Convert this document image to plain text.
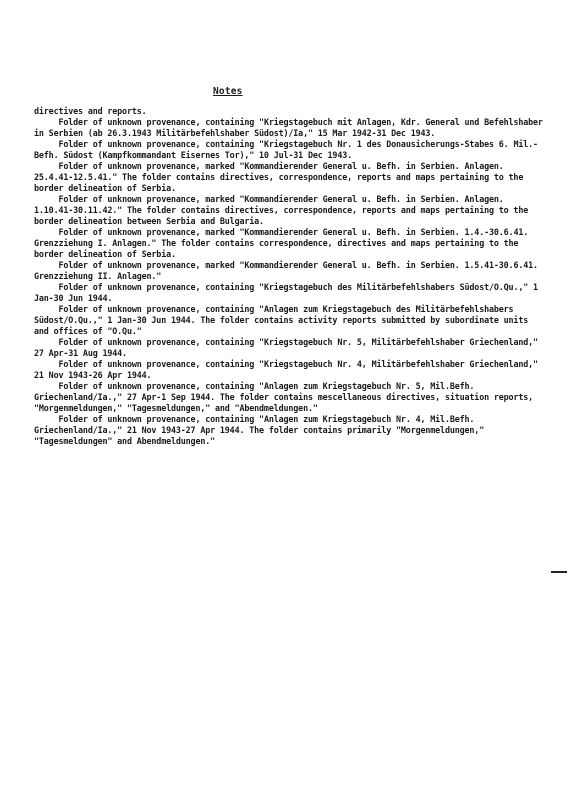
Notes

directives and reports.

Folder of unknown provenance, containing "Kriegstagebuch mit Anlagen, Kdr. General und Befehlshaber in Serbien (ab 26.3.1943 Militärbefehlshaber Südost)/Ia," 15 Mar 1942-31 Dec 1943.

Folder of unknown provenance, containing "Kriegstagebuch Nr. 1 des Donausicherungs-Stabes 6. Mil.-Befh. Südost (Kampfkommandant Eisernes Tor)," 10 Jul-31 Dec 1943.

Folder of unknown provenance, marked "Kommandierender General u. Befh. in Serbien. Anlagen. 25.4.41-12.5.41." The folder contains directives, correspondence, reports and maps pertaining to the border delineation of Serbia.

Folder of unknown provenance, marked "Kommandierender General u. Befh. in Serbien. Anlagen. 1.10.41-30.11.42." The folder contains directives, correspondence, reports and maps pertaining to the border delineation between Serbia and Bulgaria.

Folder of unknown provenance, marked "Kommandierender General u. Befh. in Serbien. 1.4.-30.6.41. Grenzziehung I. Anlagen." The folder contains correspondence, directives and maps pertaining to the border delineation of Serbia.

Folder of unknown provenance, marked "Kommandierender General u. Befh. in Serbien. 1.5.41-30.6.41. Grenzziehung II. Anlagen."

Folder of unknown provenance, containing "Kriegstagebuch des Militärbefehlshabers Südost/O.Qu.," 1 Jan-30 Jun 1944.

Folder of unknown provenance, containing "Anlagen zum Kriegstagebuch des Militärbefehlshabers Südost/O.Qu.," 1 Jan-30 Jun 1944. The folder contains activity reports submitted by subordinate units and offices of "O.Qu."

Folder of unknown provenance, containing "Kriegstagebuch Nr. 5, Militärbefehlshaber Griechenland," 27 Apr-31 Aug 1944.

Folder of unknown provenance, containing "Kriegstagebuch Nr. 4, Militärbefehlshaber Griechenland," 21 Nov 1943-26 Apr 1944.

Folder of unknown provenance, containing "Anlagen zum Kriegstagebuch Nr. 5, Mil.Befh. Griechenland/Ia.," 27 Apr-1 Sep 1944. The folder contains mescellaneous directives, situation reports, "Morgenmeldungen," "Tagesmeldungen," and "Abendmeldungen."

Folder of unknown provenance, containing "Anlagen zum Kriegstagebuch Nr. 4, Mil.Befh. Griechenland/Ia.," 21 Nov 1943-27 Apr 1944. The folder contains primarily "Morgenmeldungen," "Tagesmeldungen" and Abendmeldungen."
